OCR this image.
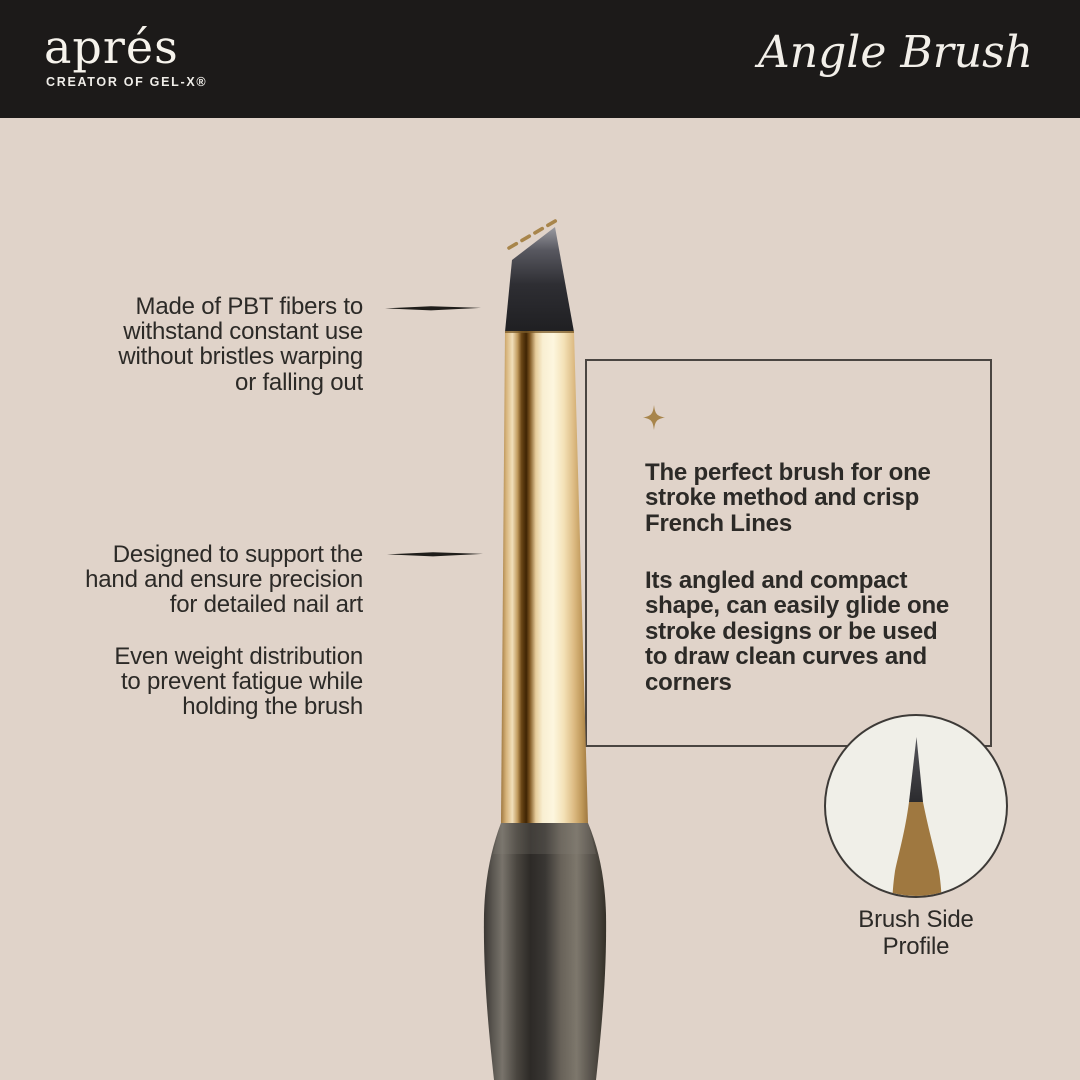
aprés
CREATOR OF GEL-X®
Angle Brush
Made of PBT fibers to
withstand constant use
without bristles warping
or falling out
Designed to support the
hand and ensure precision
for detailed nail art
Even weight distribution
to prevent fatigue while
holding the brush
The perfect brush for one
stroke method and crisp
French Lines
Its angled and compact
shape, can easily glide one
stroke designs or be used
to draw clean curves and
corners
Brush Side Profile
